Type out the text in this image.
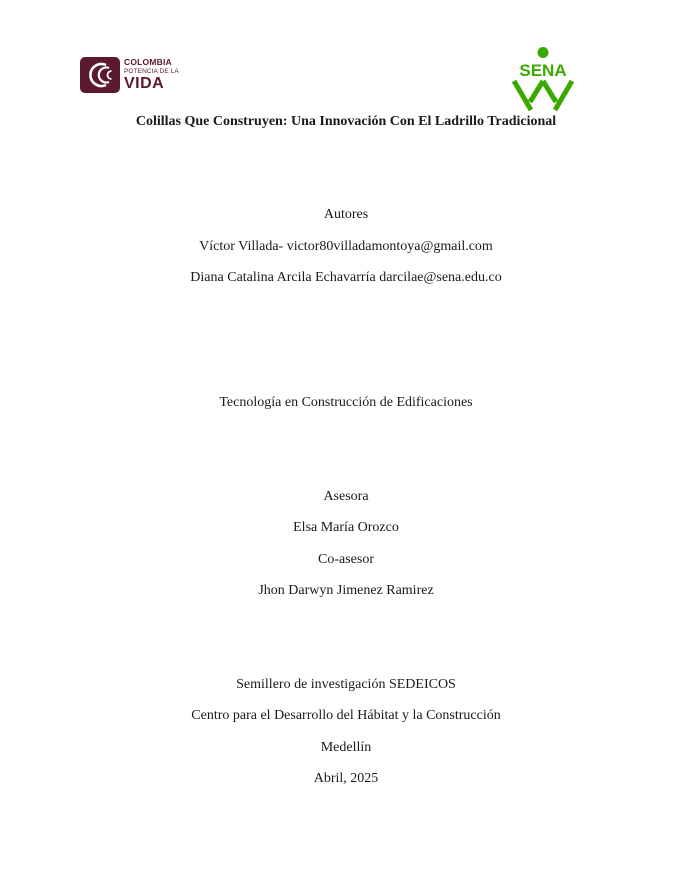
COLOMBIA
POTENCIA DE LA
VIDA
SENA
Colillas Que Construyen: Una Innovación Con El Ladrillo Tradicional
Autores
Víctor Villada- victor80villadamontoya@gmail.com
Diana Catalina Arcila Echavarría darcilae@sena.edu.co
Tecnología en Construcción de Edificaciones
Asesora
Elsa María Orozco
Co-asesor
Jhon Darwyn Jimenez Ramirez
Semillero de investigación SEDEICOS
Centro para el Desarrollo del Hábitat y la Construcción
Medellín
Abril, 2025
